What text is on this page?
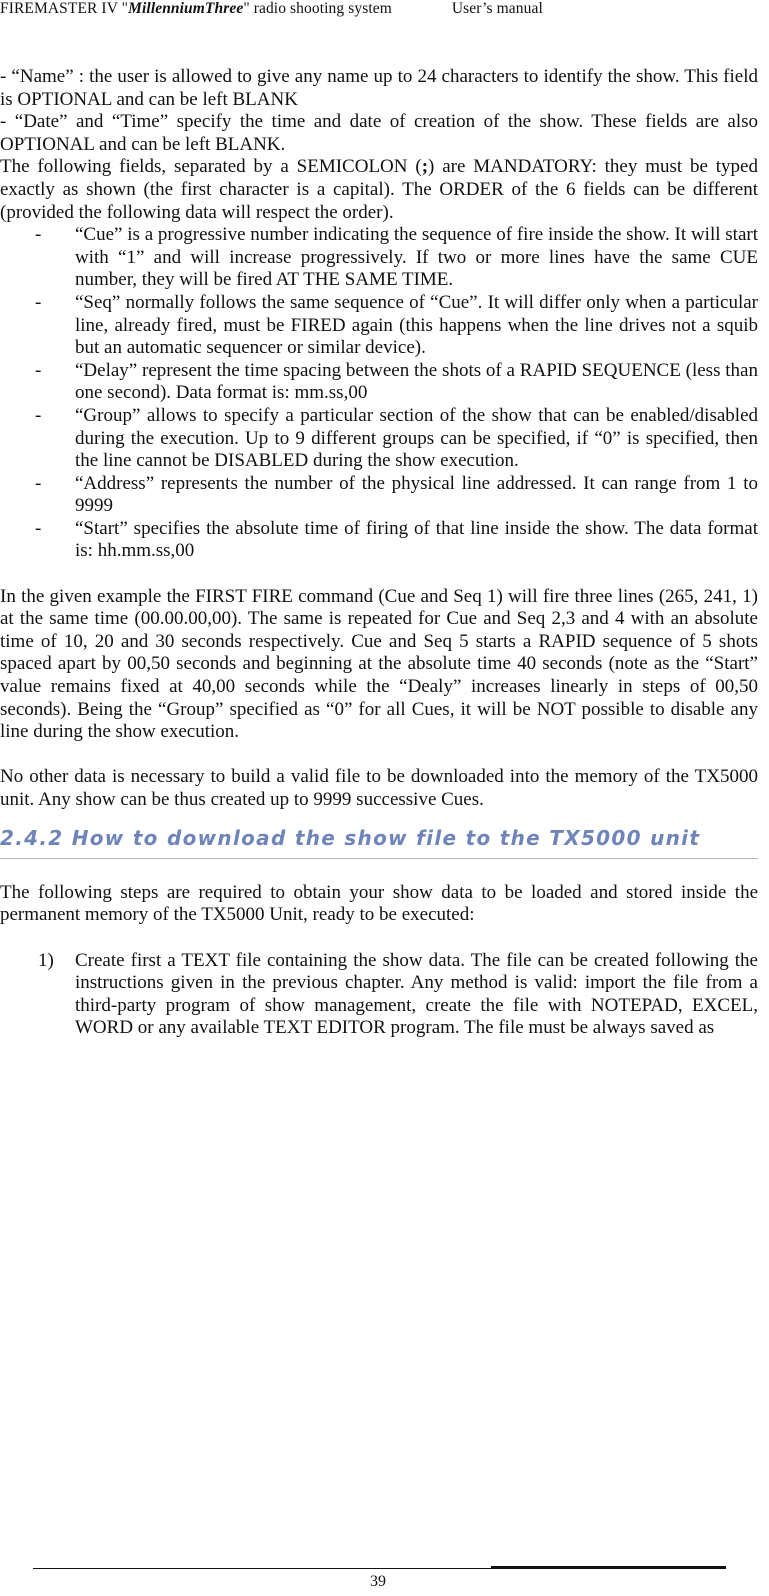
FIREMASTER IV "MillenniumThree" radio shooting system	User’s manual

- “Name” : the user is allowed to give any name up to 24 characters to identify the show. This field is OPTIONAL and can be left BLANK

- “Date” and “Time” specify the time and date of creation of the show. These fields are also OPTIONAL and can be left BLANK.

The following fields, separated by a SEMICOLON (;) are MANDATORY: they must be typed exactly as shown (the first character is a capital). The ORDER of the 6 fields can be different (provided the following data will respect the order).

- “Cue” is a progressive number indicating the sequence of fire inside the show. It will start with “1” and will increase progressively. If two or more lines have the same CUE number, they will be fired AT THE SAME TIME.
- “Seq” normally follows the same sequence of “Cue”. It will differ only when a particular line, already fired, must be FIRED again (this happens when the line drives not a squib but an automatic sequencer or similar device).
- “Delay” represent the time spacing between the shots of a RAPID SEQUENCE (less than one second). Data format is: mm.ss,00
- “Group” allows to specify a particular section of the show that can be enabled/disabled during the execution. Up to 9 different groups can be specified, if “0” is specified, then the line cannot be DISABLED during the show execution.
- “Address” represents the number of the physical line addressed. It can range from 1 to 9999
- “Start” specifies the absolute time of firing of that line inside the show. The data format is: hh.mm.ss,00

In the given example the FIRST FIRE command (Cue and Seq 1) will fire three lines (265, 241, 1) at the same time (00.00.00,00). The same is repeated for Cue and Seq 2,3 and 4 with an absolute time of 10, 20 and 30 seconds respectively. Cue and Seq 5 starts a RAPID sequence of 5 shots spaced apart by 00,50 seconds and beginning at the absolute time 40 seconds (note as the “Start” value remains fixed at 40,00 seconds while the “Dealy” increases linearly in steps of 00,50 seconds). Being the “Group” specified as “0” for all Cues, it will be NOT possible to disable any line during the show execution.

No other data is necessary to build a valid file to be downloaded into the memory of the TX5000 unit. Any show can be thus created up to 9999 successive Cues.

2.4.2 How to download the show file to the TX5000 unit

The following steps are required to obtain your show data to be loaded and stored inside the permanent memory of the TX5000 Unit, ready to be executed:

1) Create first a TEXT file containing the show data. The file can be created following the instructions given in the previous chapter. Any method is valid: import the file from a third-party program of show management, create the file with NOTEPAD, EXCEL, WORD or any available TEXT EDITOR program. The file must be always saved as
39
